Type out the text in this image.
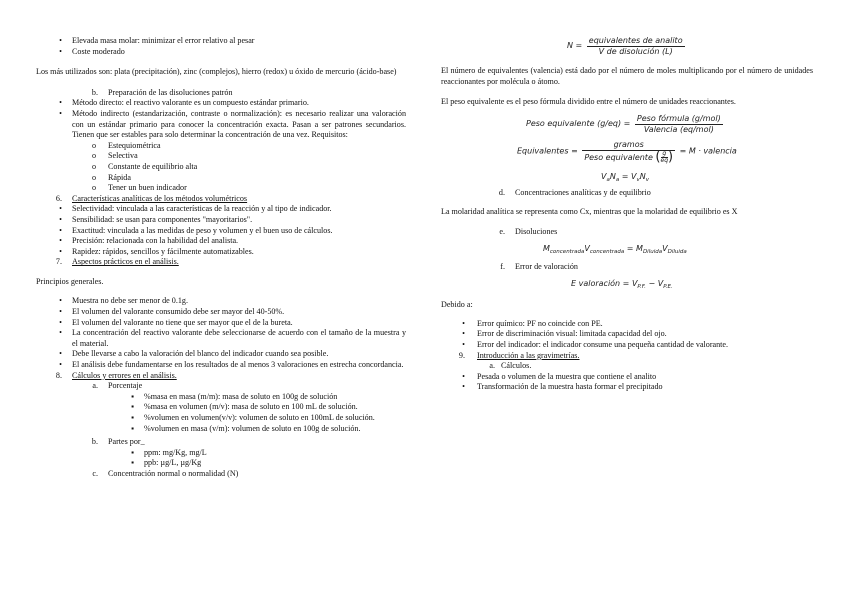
• Elevada masa molar: minimizar el error relativo al pesar
• Coste moderado

Los más utilizados son: plata (precipitación), zinc (complejos), hierro (redox) u óxido de mercurio (ácido-base)

b. Preparación de las disoluciones patrón
• Método directo: el reactivo valorante es un compuesto estándar primario.
• Método indirecto (estandarización, contraste o normalización): es necesario realizar una valoración con un estándar primario para conocer la concentración exacta. Pasan a ser patrones secundarios. Tienen que ser estables para solo determinar la concentración de una vez. Requisitos:
o Estequiométrica
o Selectiva
o Constante de equilibrio alta
o Rápida
o Tener un buen indicador
6. Características analíticas de los métodos volumétricos
• Selectividad: vinculada a las características de la reacción y al tipo de indicador.
• Sensibilidad: se usan para componentes "mayoritarios".
• Exactitud: vinculada a las medidas de peso y volumen y el buen uso de cálculos.
• Precisión: relacionada con la habilidad del analista.
• Rapidez: rápidos, sencillos y fácilmente automatizables.
7. Aspectos prácticos en el análisis.

Principios generales.

• Muestra no debe ser menor de 0.1g.
• El volumen del valorante consumido debe ser mayor del 40-50%.
• El volumen del valorante no tiene que ser mayor que el de la bureta.
• La concentración del reactivo valorante debe seleccionarse de acuerdo con el tamaño de la muestra y el material.
• Debe llevarse a cabo la valoración del blanco del indicador cuando sea posible.
• El análisis debe fundamentarse en los resultados de al menos 3 valoraciones en estrecha concordancia.
8. Cálculos y errores en el análisis.
a. Porcentaje
▪ %masa en masa (m/m): masa de soluto en 100g de solución
▪ %masa en volumen (m/v): masa de soluto en 100 mL de solución.
▪ %volumen en volumen(v/v): volumen de soluto en 100mL de solución.
▪ %volumen en masa (v/m): volumen de soluto en 100g de solución.
b. Partes por_
▪ ppm: mg/Kg, mg/L
▪ ppb: µg/L, µg/Kg
c. Concentración normal o normalidad (N)
$N = \frac{\text{equivalentes de analito}}{\text{V de disolución (L)}}$

El número de equivalentes (valencia) está dado por el número de moles multiplicando por el número de unidades reaccionantes por molécula o átomo.

El peso equivalente es el peso fórmula dividido entre el número de unidades reaccionantes.

Peso equivalente $(g/eq) = \frac{\text{Peso fórmula (g/mol)}}{\text{Valencia (eq/mol)}}$
Equivalentes = $\frac{\text{gramos}}{Peso equivalente ( \frac{g}{eq} )} = M$ · valencia
$V_aN_a = V_vN_v$
d. Concentraciones analíticas y de equilibrio

La molaridad analítica se representa como Cx, mientras que la molaridad de equilibrio es X

e. Disoluciones
$M_{concentrada}V_{concentrada} = M_{Diluida}V_{Diluida}$
f. Error de valoración
E valoración = $V_{P.F.} - V_{P.E.}$

Debido a:

• Error químico: PF no coincide con PE.
• Error de discriminación visual: limitada capacidad del ojo.
• Error del indicador: el indicador consume una pequeña cantidad de valorante.
9. Introducción a las gravimetrías.
a. Cálculos.
• Pesada o volumen de la muestra que contiene el analito
• Transformación de la muestra hasta formar el precipitado
